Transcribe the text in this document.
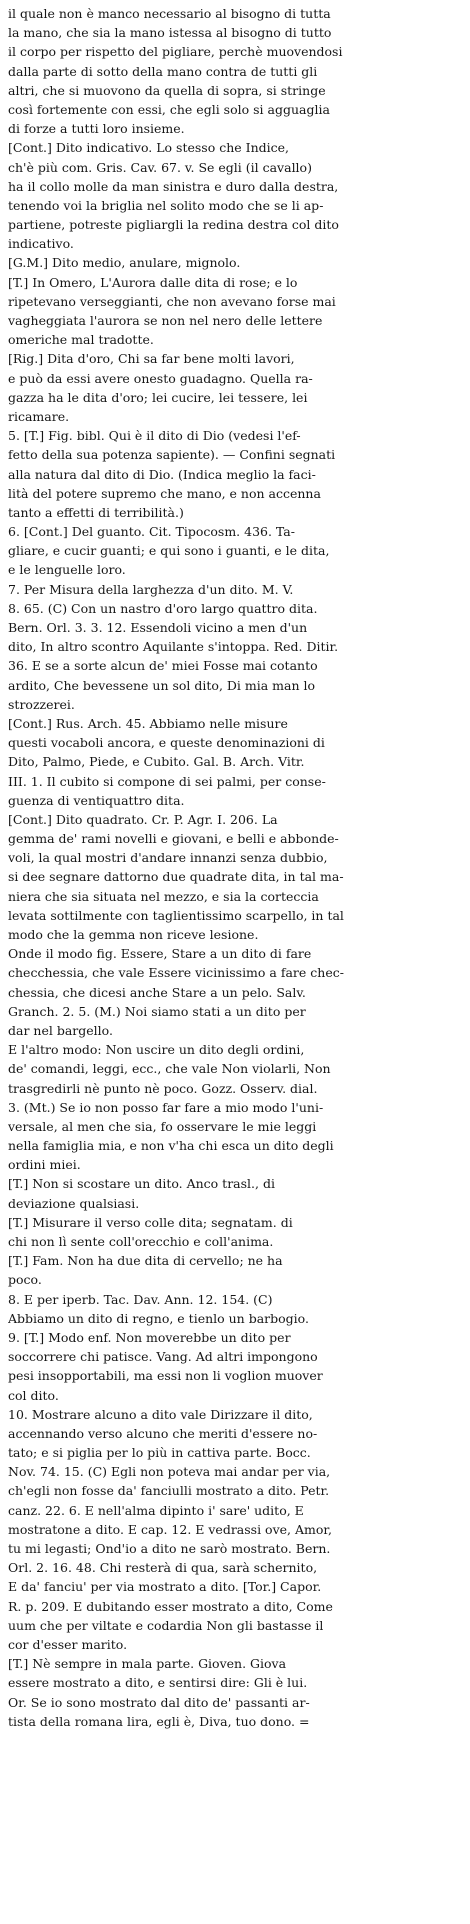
il quale non è manco necessario al bisogno di tutta
la mano, che sia la mano istessa al bisogno di tutto
il corpo per rispetto del pigliare, perchè muovendosi
dalla parte di sotto della mano contra de tutti gli
altri, che si muovono da quella di sopra, si stringe
così fortemente con essi, che egli solo si agguaglia
di forze a tutti loro insieme.
[Cont.] Dito indicativo. Lo stesso che Indice,
ch'è più com. Gris. Cav. 67. v. Se egli (il cavallo)
ha il collo molle da man sinistra e duro dalla destra,
tenendo voi la briglia nel solito modo che se li ap-
partiene, potreste pigliargli la redina destra col dito
indicativo.
[G.M.] Dito medio, anulare, mignolo.
[T.] In Omero, L'Aurora dalle dita di rose; e lo
ripetevano verseggianti, che non avevano forse mai
vagheggiata l'aurora se non nel nero delle lettere
omeriche mal tradotte.
[Rig.] Dita d'oro, Chi sa far bene molti lavori,
e può da essi avere onesto guadagno. Quella ra-
gazza ha le dita d'oro; lei cucire, lei tessere, lei
ricamare.
5. [T.] Fig. bibl. Qui è il dito di Dio (vedesi l'ef-
fetto della sua potenza sapiente). — Confini segnati
alla natura dal dito di Dio. (Indica meglio la faci-
lità del potere supremo che mano, e non accenna
tanto a effetti di terribilità.)
6. [Cont.] Del guanto. Cit. Tipocosm. 436. Ta-
gliare, e cucir guanti; e qui sono i guanti, e le dita,
e le lenguelle loro.
7. Per Misura della larghezza d'un dito. M. V.
8. 65. (C) Con un nastro d'oro largo quattro dita.
Bern. Orl. 3. 3. 12. Essendoli vicino a men d'un
dito, In altro scontro Aquilante s'intoppa. Red. Ditir.
36. E se a sorte alcun de' miei Fosse mai cotanto
ardito, Che bevessene un sol dito, Di mia man lo
strozzerei.
[Cont.] Rus. Arch. 45. Abbiamo nelle misure
questi vocaboli ancora, e queste denominazioni di
Dito, Palmo, Piede, e Cubito. Gal. B. Arch. Vitr.
III. 1. Il cubito si compone di sei palmi, per conse-
guenza di ventiquattro dita.
[Cont.] Dito quadrato. Cr. P. Agr. I. 206. La
gemma de' rami novelli e giovani, e belli e abbonde-
voli, la qual mostri d'andare innanzi senza dubbio,
si dee segnare dattorno due quadrate dita, in tal ma-
niera che sia situata nel mezzo, e sia la corteccia
levata sottilmente con taglientissimo scarpello, in tal
modo che la gemma non riceve lesione.
Onde il modo fig. Essere, Stare a un dito di fare
checchessia, che vale Essere vicinissimo a fare chec-
chessia, che dicesi anche Stare a un pelo. Salv.
Granch. 2. 5. (M.) Noi siamo stati a un dito per
dar nel bargello.
E l'altro modo: Non uscire un dito degli ordini,
de' comandi, leggi, ecc., che vale Non violarli, Non
trasgredirli nè punto nè poco. Gozz. Osserv. dial.
3. (Mt.) Se io non posso far fare a mio modo l'uni-
versale, al men che sia, fo osservare le mie leggi
nella famiglia mia, e non v'ha chi esca un dito degli
ordini miei.
[T.] Non si scostare un dito. Anco trasl., di
deviazione qualsiasi.
[T.] Misurare il verso colle dita; segnatam. di
chi non lì sente coll'orecchio e coll'anima.
[T.] Fam. Non ha due dita di cervello; ne ha
poco.
8. E per iperb. Tac. Dav. Ann. 12. 154. (C)
Abbiamo un dito di regno, e tienlo un barbogio.
9. [T.] Modo enf. Non moverebbe un dito per
soccorrere chi patisce. Vang. Ad altri impongono
pesi insopportabili, ma essi non li voglion muover
col dito.
10. Mostrare alcuno a dito vale Dirizzare il dito,
accennando verso alcuno che meriti d'essere no-
tato; e si piglia per lo più in cattiva parte. Bocc.
Nov. 74. 15. (C) Egli non poteva mai andar per via,
ch'egli non fosse da' fanciulli mostrato a dito. Petr.
canz. 22. 6. E nell'alma dipinto i' sare' udito, E
mostratone a dito. E cap. 12. E vedrassi ove, Amor,
tu mi legasti; Ond'io a dito ne sarò mostrato. Bern.
Orl. 2. 16. 48. Chi resterà di qua, sarà schernito,
E da' fanciu' per via mostrato a dito. [Tor.] Capor.
R. p. 209. E dubitando esser mostrato a dito, Come
uum che per viltate e codardia Non gli bastasse il
cor d'esser marito.
[T.] Nè sempre in mala parte. Gioven. Giova
essere mostrato a dito, e sentirsi dire: Gli è lui.
Or. Se io sono mostrato dal dito de' passanti ar-
tista della romana lira, egli è, Diva, tuo dono. =
